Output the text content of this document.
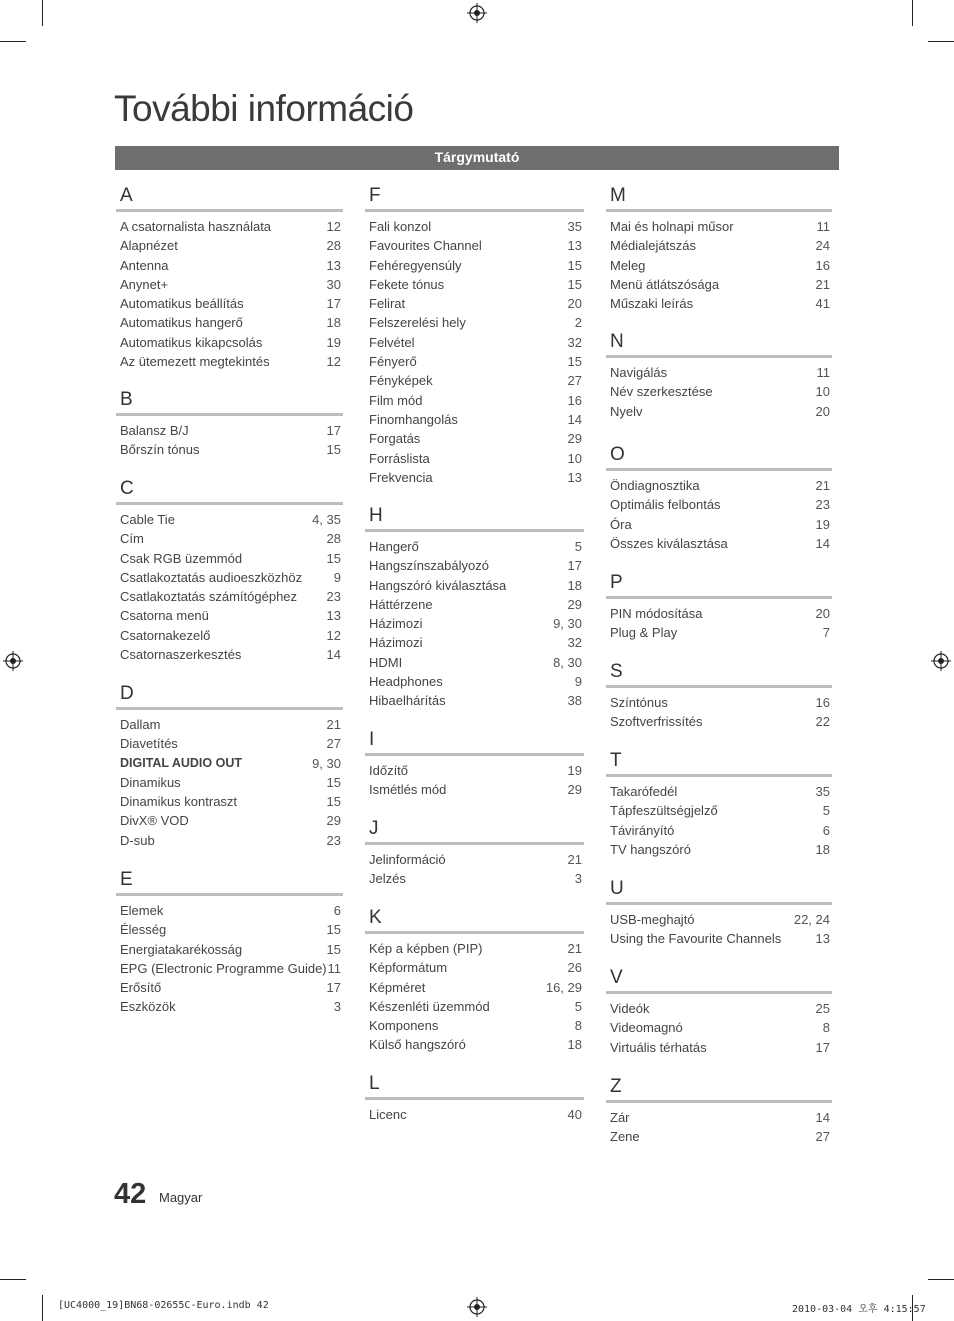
További információ
Tárgymutató
A
A csatornalista használata	12
Alapnézet	28
Antenna	13
Anynet+	30
Automatikus beállítás	17
Automatikus hangerő	18
Automatikus kikapcsolás	19
Az ütemezett megtekintés	12
B
Balansz B/J	17
Bőrszín tónus	15
C
Cable Tie	4, 35
Cím	28
Csak RGB üzemmód	15
Csatlakoztatás audioeszközhöz 9
Csatlakoztatás számítógéphez 23
Csatorna menü	13
Csatornakezelő	12
Csatornaszerkesztés	14
D
Dallam	21
Diavetítés	27
DIGITAL AUDIO OUT	9, 30
Dinamikus	15
Dinamikus kontraszt	15
DivX® VOD	29
D-sub	23
E
Elemek	6
Élesség	15
Energiatakarékosság	15
EPG (Electronic Programme Guide) 11
Erősítő	17
Eszközök	3
F
Fali konzol	35
Favourites Channel	13
Fehéregyensúly	15
Fekete tónus	15
Felirat	20
Felszerelési hely	2
Felvétel	32
Fényerő	15
Fényképek	27
Film mód	16
Finomhangolás	14
Forgatás	29
Forráslista	10
Frekvencia	13
H
Hangerő	5
Hangszínszabályozó	17
Hangszóró kiválasztása	18
Háttérzene	29
Házimozi	9, 30
Házimozi	32
HDMI	8, 30
Headphones	9
Hibaelhárítás	38
I
Időzítő	19
Ismétlés mód	29
J
Jelinformáció	21
Jelzés	3
K
Kép a képben (PIP)	21
Képformátum	26
Képméret	16, 29
Készenléti üzemmód	5
Komponens	8
Külső hangszóró	18
L
Licenc	40
M
Mai és holnapi műsor	11
Médialejátszás	24
Meleg	16
Menü átlátszósága	21
Műszaki leírás	41
N
Navigálás	11
Név szerkesztése	10
Nyelv	20
O
Öndiagnosztika	21
Optimális felbontás	23
Óra	19
Összes kiválasztása	14
P
PIN módosítása	20
Plug & Play	7
S
Színtónus	16
Szoftverfrissítés	22
T
Takarófedél	35
Tápfeszültségjelző	5
Távirányító	6
TV hangszóró	18
U
USB-meghajtó	22, 24
Using the Favourite Channels	13
V
Videók	25
Videomagnó	8
Virtuális térhatás	17
Z
Zár	14
Zene	27
42 Magyar
[UC4000_19]BN68-02655C-Euro.indb 42	2010-03-04 오후 4:15:57
